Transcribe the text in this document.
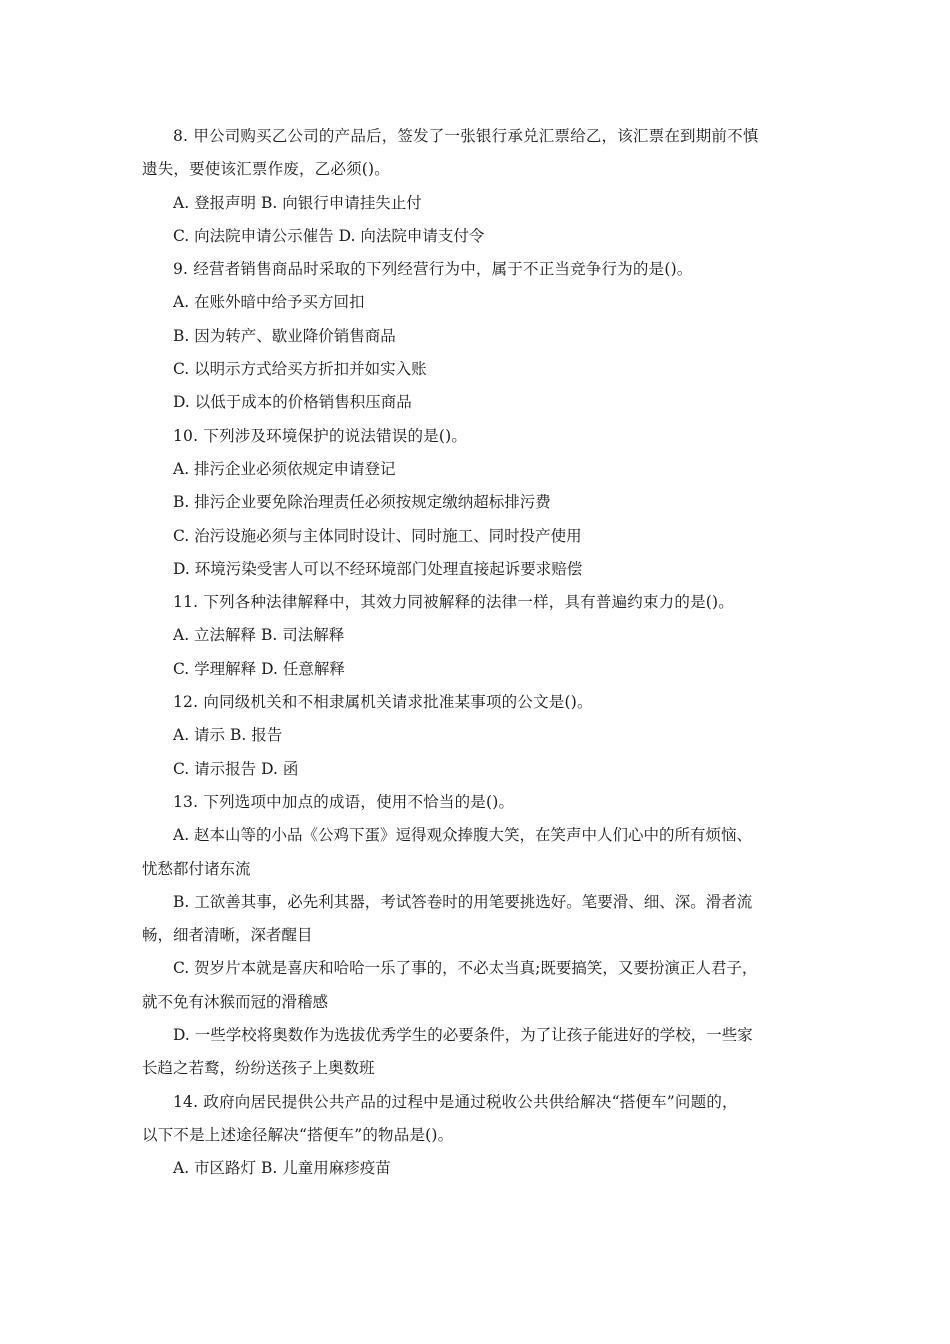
8. 甲公司购买乙公司的产品后，签发了一张银行承兑汇票给乙，该汇票在到期前不慎
遗失，要使该汇票作废，乙必须()。
A. 登报声明 B. 向银行申请挂失止付
C. 向法院申请公示催告 D. 向法院申请支付令
9. 经营者销售商品时采取的下列经营行为中，属于不正当竞争行为的是()。
A. 在账外暗中给予买方回扣
B. 因为转产、歇业降价销售商品
C. 以明示方式给买方折扣并如实入账
D. 以低于成本的价格销售积压商品
10. 下列涉及环境保护的说法错误的是()。
A. 排污企业必须依规定申请登记
B. 排污企业要免除治理责任必须按规定缴纳超标排污费
C. 治污设施必须与主体同时设计、同时施工、同时投产使用
D. 环境污染受害人可以不经环境部门处理直接起诉要求赔偿
11. 下列各种法律解释中，其效力同被解释的法律一样，具有普遍约束力的是()。
A. 立法解释 B. 司法解释
C. 学理解释 D. 任意解释
12. 向同级机关和不相隶属机关请求批准某事项的公文是()。
A. 请示 B. 报告
C. 请示报告 D. 函
13. 下列选项中加点的成语，使用不恰当的是()。
A. 赵本山等的小品《公鸡下蛋》逗得观众捧腹大笑，在笑声中人们心中的所有烦恼、
忧愁都付诸东流
B. 工欲善其事，必先利其器，考试答卷时的用笔要挑选好。笔要滑、细、深。滑者流
畅，细者清晰，深者醒目
C. 贺岁片本就是喜庆和哈哈一乐了事的，不必太当真;既要搞笑，又要扮演正人君子，
就不免有沐猴而冠的滑稽感
D. 一些学校将奥数作为选拔优秀学生的必要条件，为了让孩子能进好的学校，一些家
长趋之若鹜，纷纷送孩子上奥数班
14. 政府向居民提供公共产品的过程中是通过税收公共供给解决“搭便车”问题的，
以下不是上述途径解决“搭便车”的物品是()。
A. 市区路灯 B. 儿童用麻疹疫苗
